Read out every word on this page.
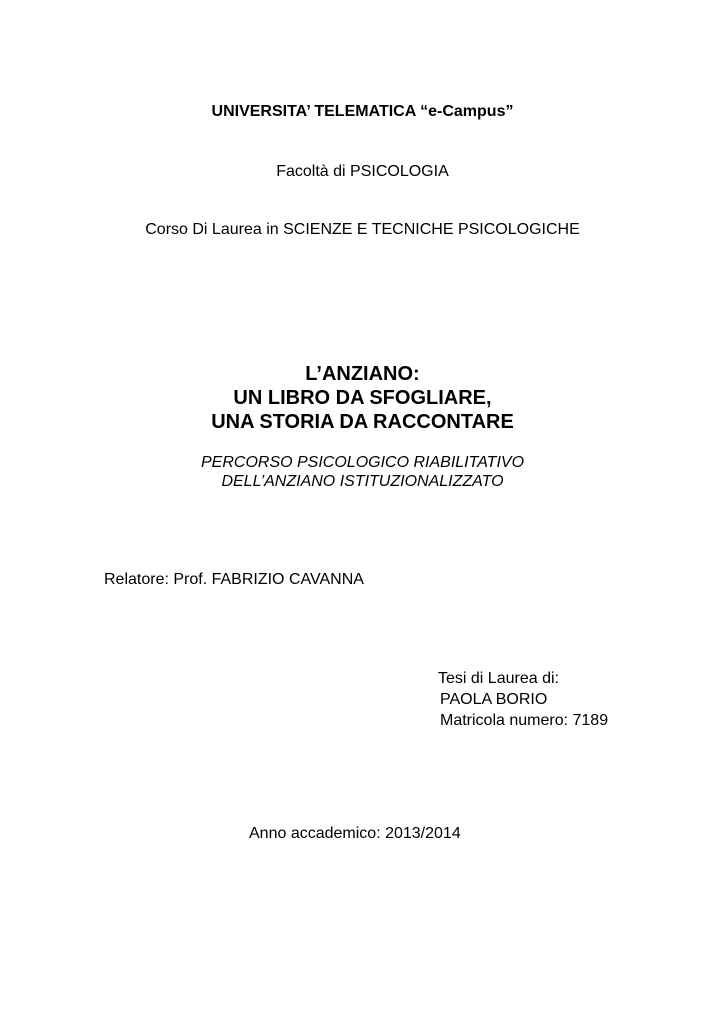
UNIVERSITA’ TELEMATICA “e-Campus”
Facoltà di PSICOLOGIA
Corso Di Laurea in SCIENZE E TECNICHE PSICOLOGICHE
L’ANZIANO:
UN LIBRO DA SFOGLIARE,
UNA STORIA DA RACCONTARE
PERCORSO PSICOLOGICO RIABILITATIVO
DELL’ANZIANO ISTITUZIONALIZZATO
Relatore: Prof. FABRIZIO CAVANNA
Tesi di Laurea di:
PAOLA BORIO
Matricola numero: 7189
Anno accademico: 2013/2014
